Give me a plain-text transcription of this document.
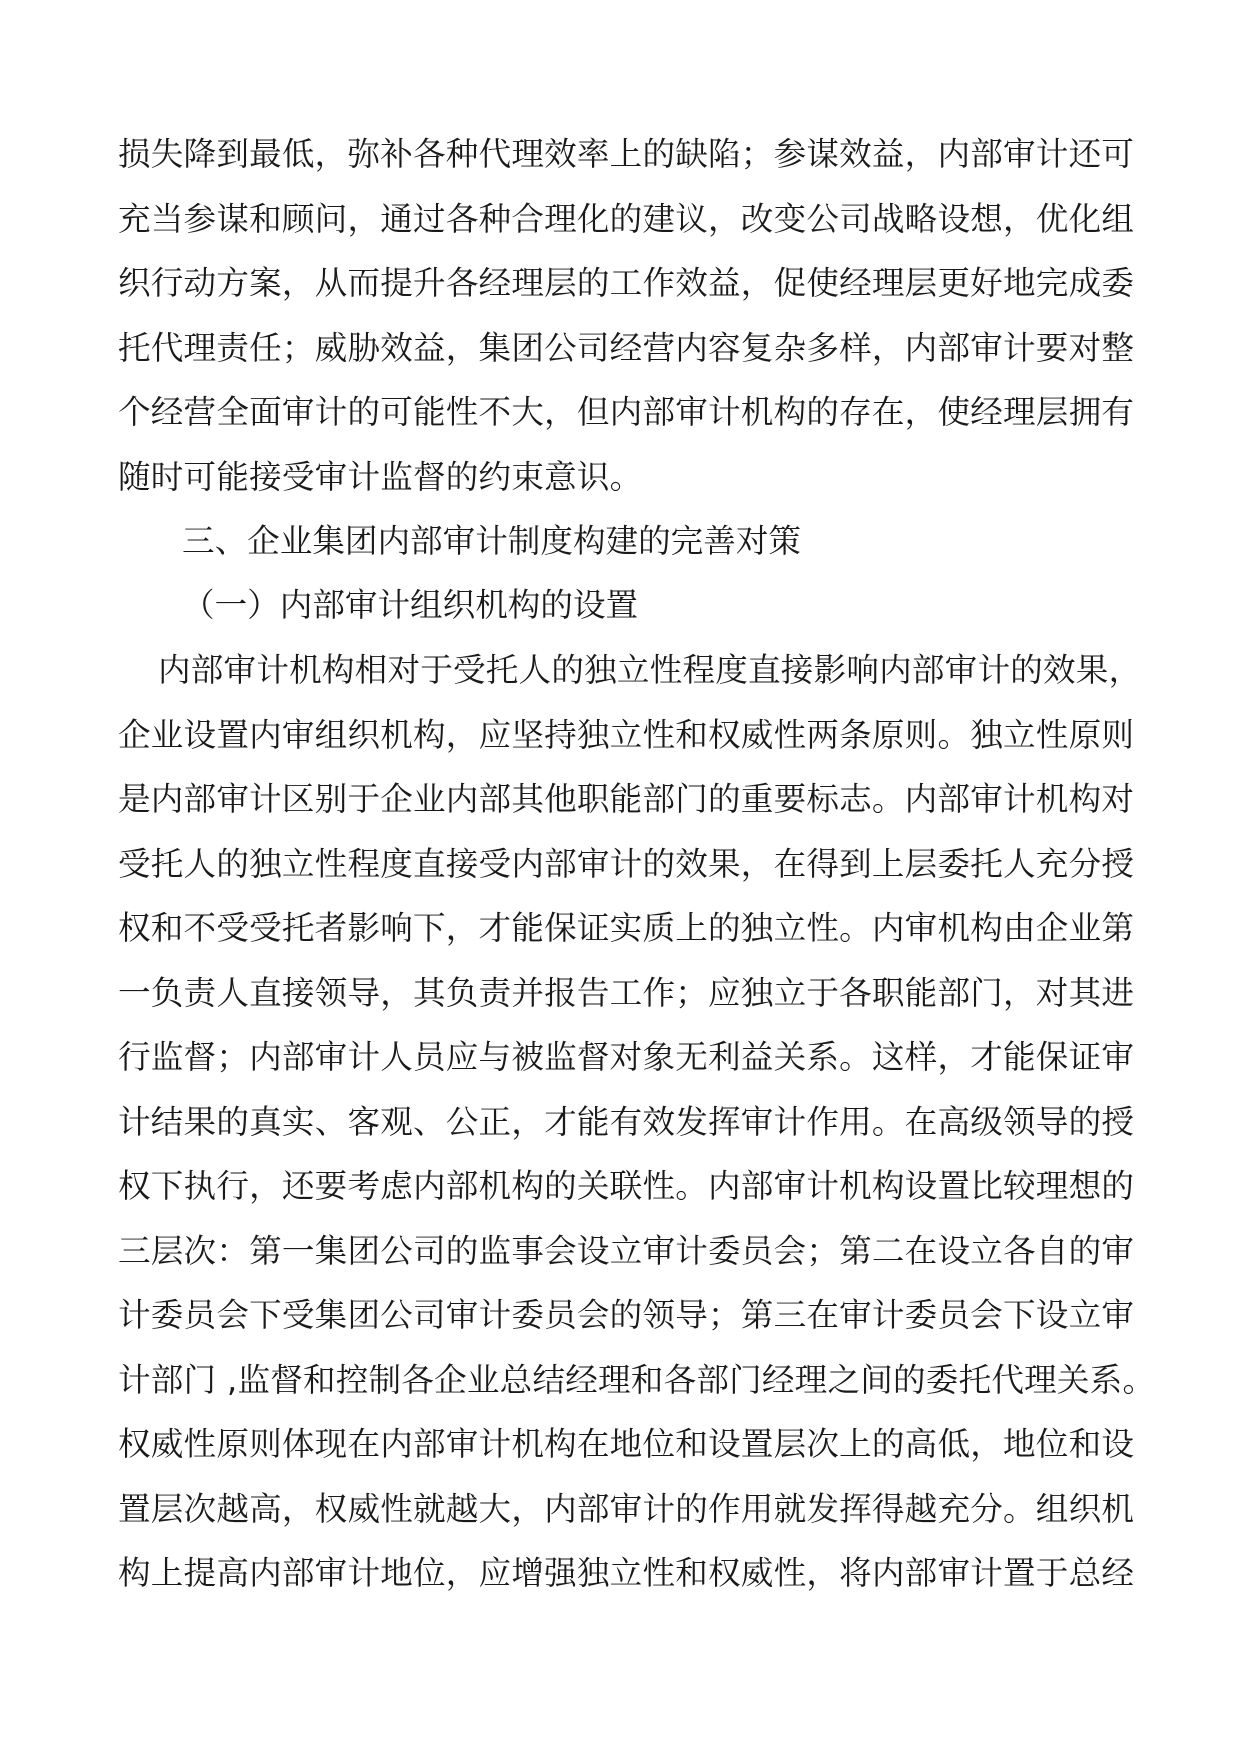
损失降到最低，弥补各种代理效率上的缺陷；参谋效益，内部审计还可
充当参谋和顾问，通过各种合理化的建议，改变公司战略设想，优化组
织行动方案，从而提升各经理层的工作效益，促使经理层更好地完成委
托代理责任；威胁效益，集团公司经营内容复杂多样，内部审计要对整
个经营全面审计的可能性不大，但内部审计机构的存在，使经理层拥有
随时可能接受审计监督的约束意识。
三、企业集团内部审计制度构建的完善对策
（一）内部审计组织机构的设置
内部审计机构相对于受托人的独立性程度直接影响内部审计的效果，
企业设置内审组织机构，应坚持独立性和权威性两条原则。独立性原则
是内部审计区别于企业内部其他职能部门的重要标志。内部审计机构对
受托人的独立性程度直接受内部审计的效果，在得到上层委托人充分授
权和不受受托者影响下，才能保证实质上的独立性。内审机构由企业第
一负责人直接领导，其负责并报告工作；应独立于各职能部门，对其进
行监督；内部审计人员应与被监督对象无利益关系。这样，才能保证审
计结果的真实、客观、公正，才能有效发挥审计作用。在高级领导的授
权下执行，还要考虑内部机构的关联性。内部审计机构设置比较理想的
三层次：第一集团公司的监事会设立审计委员会；第二在设立各自的审
计委员会下受集团公司审计委员会的领导；第三在审计委员会下设立审
计部门 ,监督和控制各企业总结经理和各部门经理之间的委托代理关系。
权威性原则体现在内部审计机构在地位和设置层次上的高低，地位和设
置层次越高，权威性就越大，内部审计的作用就发挥得越充分。组织机
构上提高内部审计地位，应增强独立性和权威性，将内部审计置于总经
